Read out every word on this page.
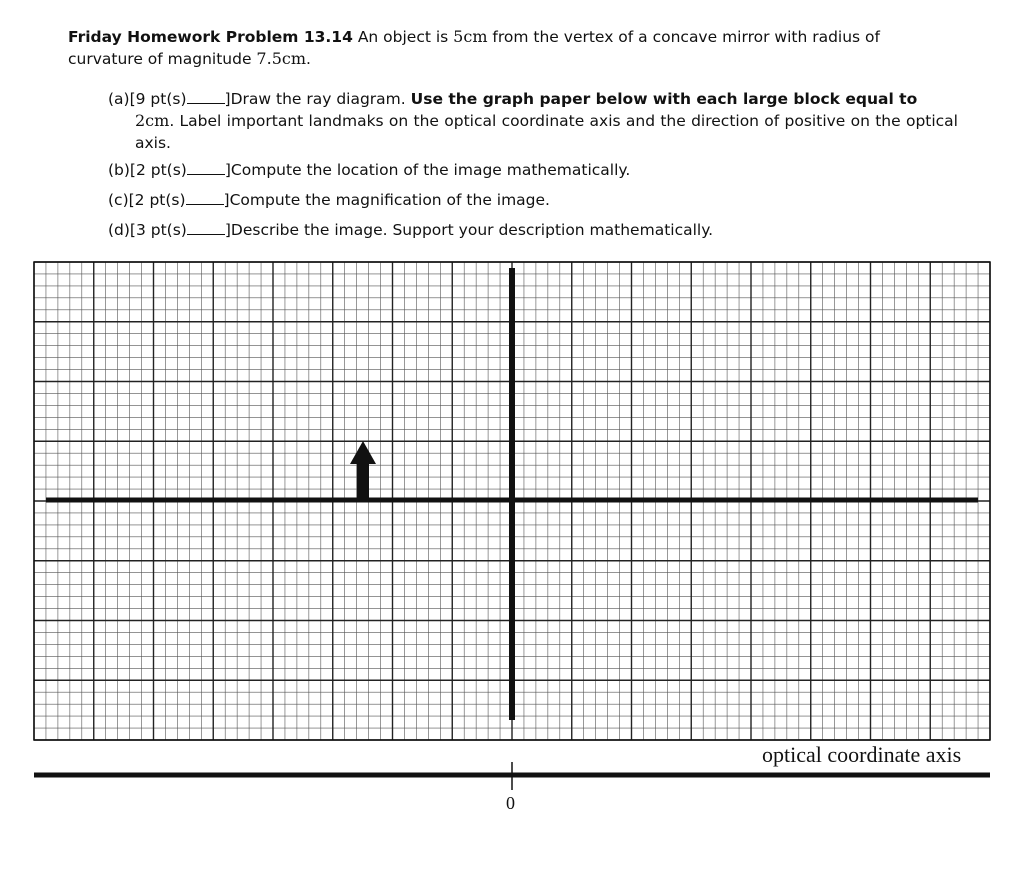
Friday Homework Problem 13.14 An object is 5cm from the vertex of a concave mirror with radius of curvature of magnitude 7.5cm.
(a)[9 pt(s) ]Draw the ray diagram. Use the graph paper below with each large block equal to
2cm. Label important landmaks on the optical coordinate axis and the direction of positive on the optical axis.
(b)[2 pt(s) ]Compute the location of the image mathematically.
(c)[2 pt(s) ]Compute the magnification of the image.
(d)[3 pt(s) ]Describe the image. Support your description mathematically.
optical coordinate axis
0
